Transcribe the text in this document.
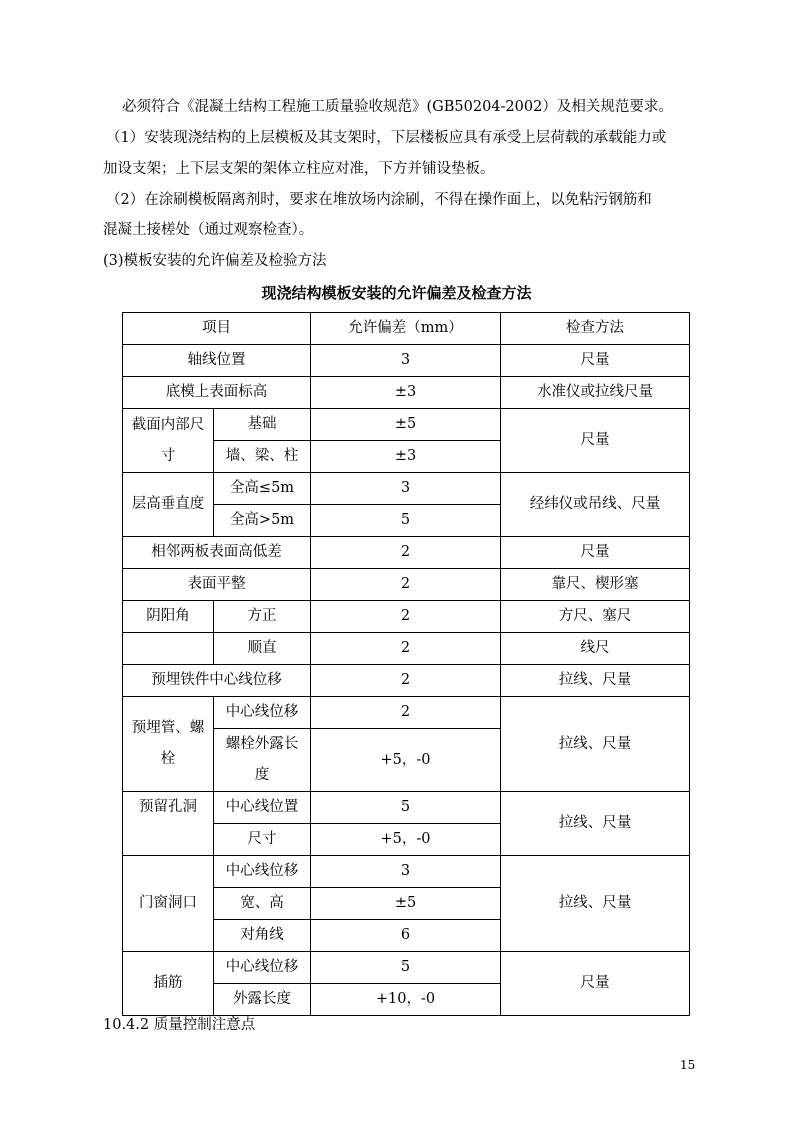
必须符合《混凝土结构工程施工质量验收规范》(GB50204-2002）及相关规范要求。
（1）安装现浇结构的上层模板及其支架时，下层楼板应具有承受上层荷载的承载能力或
加设支架；上下层支架的架体立柱应对准，下方并铺设垫板。
（2）在涂刷模板隔离剂时，要求在堆放场内涂刷，不得在操作面上，以免粘污钢筋和
混凝土接槎处（通过观察检查）。
(3)模板安装的允许偏差及检验方法
现浇结构模板安装的允许偏差及检查方法
项目		允许偏差（mm）	检查方法
轴线位置		3	尺量
底模上表面标高		±3	水准仪或拉线尺量
截面内部尺寸	基础	±5	尺量
	墙、梁、柱	±3	
层高垂直度	全高≤5m	3	经纬仪或吊线、尺量
	全高>5m	5	
相邻两板表面高低差		2	尺量
表面平整		2	靠尺、楔形塞
阴阳角	方正	2	方尺、塞尺
	顺直	2	线尺
预埋铁件中心线位移		2	拉线、尺量
预埋管、螺栓	中心线位移	2	拉线、尺量
	螺栓外露长 度	+5，-0	
预留孔洞	中心线位置	5	拉线、尺量
	尺寸	+5，-0	
门窗洞口	中心线位移	3	拉线、尺量
	宽、高	±5	
	对角线	6	
插筋	中心线位移	5	尺量
	外露长度	+10，-0	
10.4.2 质量控制注意点
15
